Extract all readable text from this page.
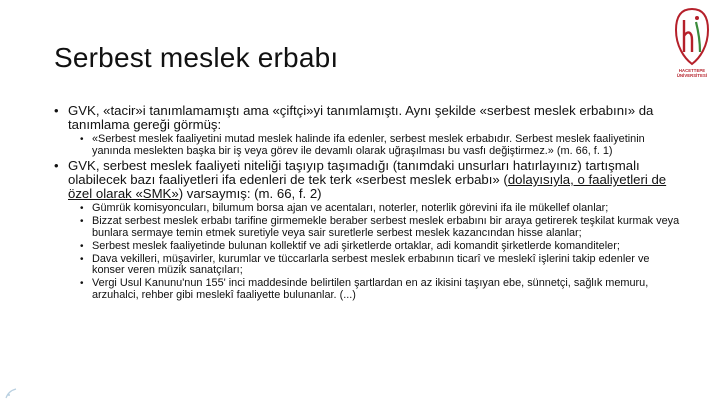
Serbest meslek erbabı	HACETTEPE
ÜNİVERSİTESİ
• GVK, «tacir»i tanımlamamıştı ama «çiftçi»yi tanımlamıştı. Aynı şekilde «serbest meslek erbabını» da tanımlama gereği görmüş:
• «Serbest meslek faaliyetini mutad meslek halinde ifa edenler, serbest meslek erbabıdır. Serbest meslek faaliyetinin yanında meslekten başka bir iş veya görev ile devamlı olarak uğraşılması bu vasfı değiştirmez.» (m. 66, f. 1)
• GVK, serbest meslek faaliyeti niteliği taşıyıp taşımadığı (tanımdaki unsurları hatırlayınız) tartışmalı olabilecek bazı faaliyetleri ifa edenleri de tek terk «serbest meslek erbabı» (dolayısıyla, o faaliyetleri de özel olarak «SMK») varsaymış: (m. 66, f. 2)
• Gümrük komisyoncuları, bilumum borsa ajan ve acentaları, noterler, noterlik görevini ifa ile mükellef olanlar;
• Bizzat serbest meslek erbabı tarifine girmemekle beraber serbest meslek erbabını bir araya getirerek teşkilat kurmak veya bunlara sermaye temin etmek suretiyle veya sair suretlerle serbest meslek kazancından hisse alanlar;
• Serbest meslek faaliyetinde bulunan kollektif ve adi şirketlerde ortaklar, adi komandit şirketlerde komanditeler;
• Dava vekilleri, müşavirler, kurumlar ve tüccarlarla serbest meslek erbabının ticarî ve meslekî işlerini takip edenler ve konser veren müzik sanatçıları;
• Vergi Usul Kanunu'nun 155' inci maddesinde belirtilen şartlardan en az ikisini taşıyan ebe, sünnetçi, sağlık memuru, arzuhalci, rehber gibi meslekî faaliyette bulunanlar. (...)
